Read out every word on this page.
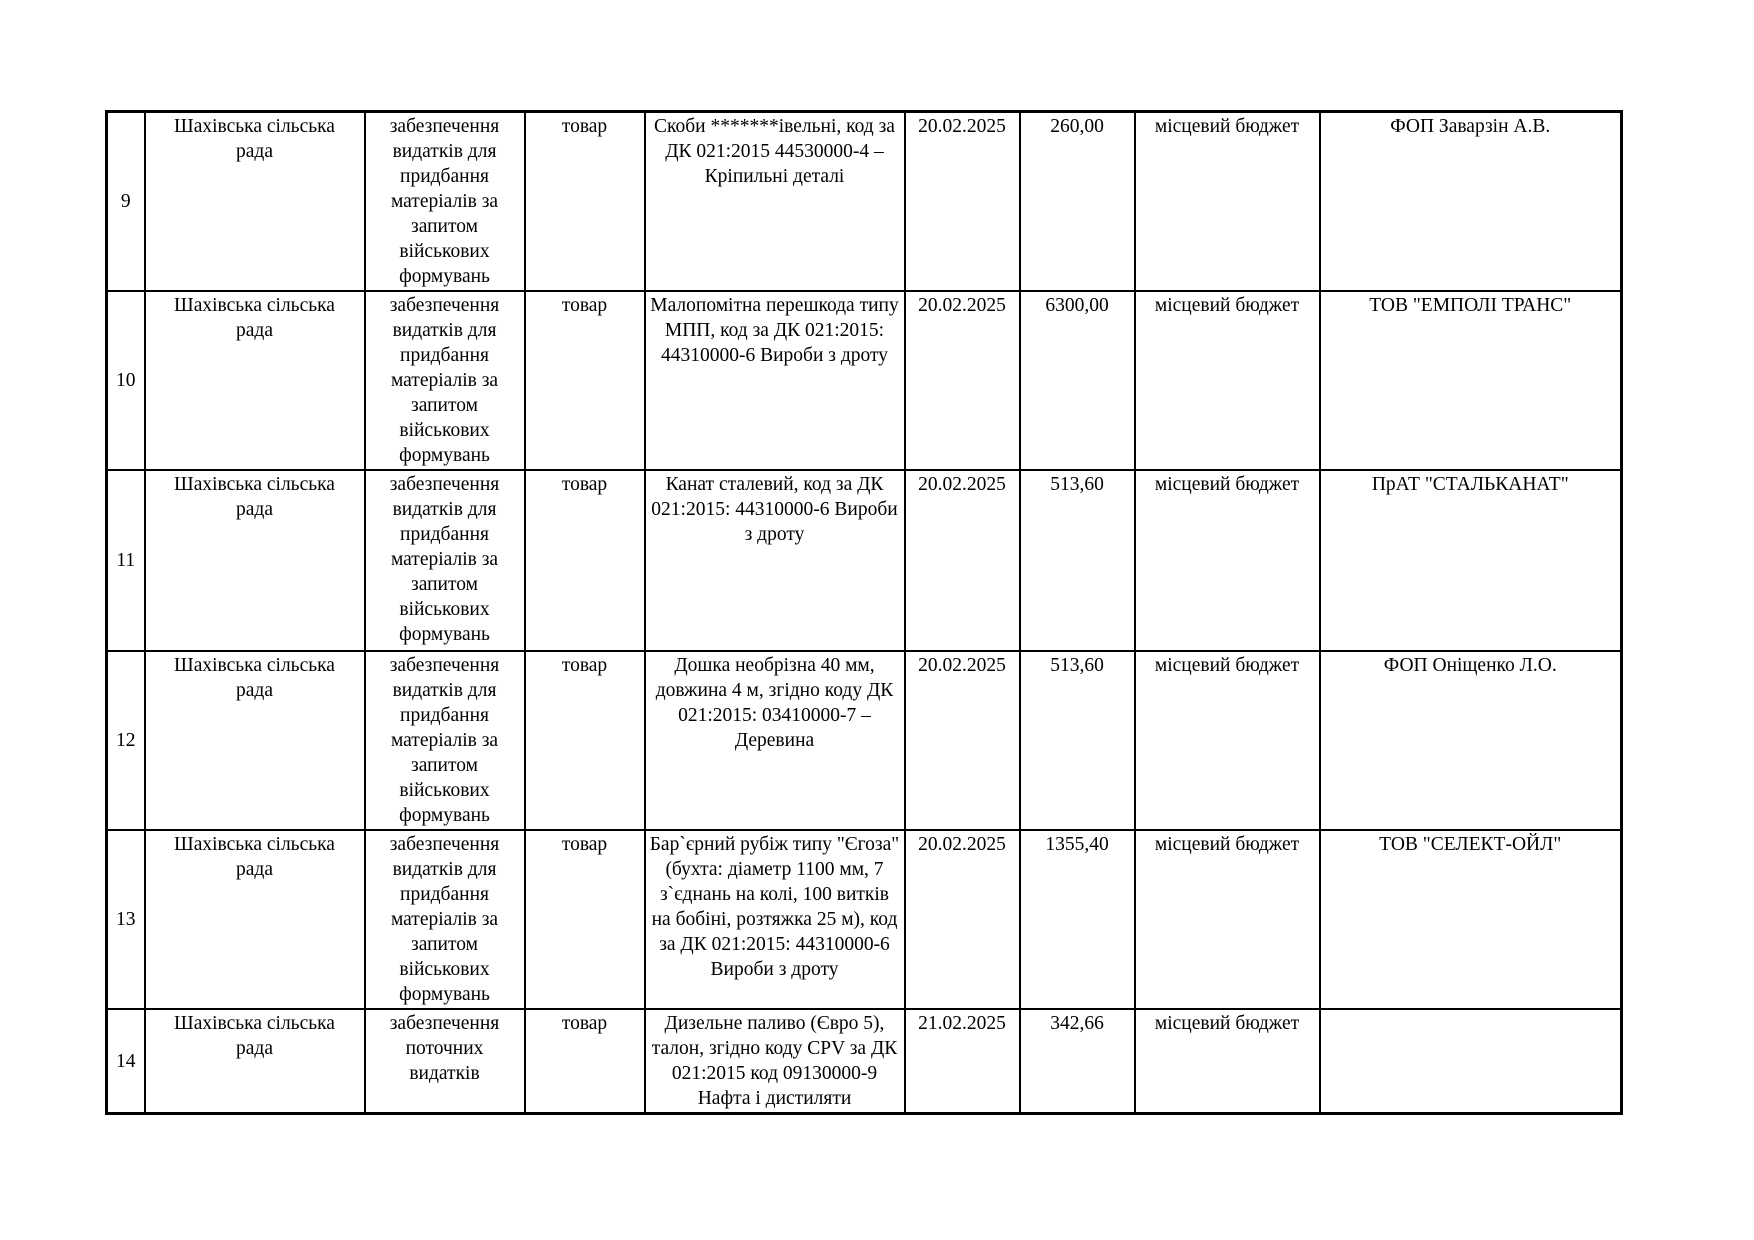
9	Шахівська сільська рада	забезпечення видатків для придбання матеріалів за запитом військових формувань	товар	Скоби *******івельні, код за ДК 021:2015 44530000-4 – Кріпильні деталі	20.02.2025	260,00	місцевий бюджет	ФОП Заварзін А.В.
10	Шахівська сільська рада	забезпечення видатків для придбання матеріалів за запитом військових формувань	товар	Малопомітна перешкода типу МПП, код за ДК 021:2015: 44310000-6 Вироби з дроту	20.02.2025	6300,00	місцевий бюджет	ТОВ "ЕМПОЛІ ТРАНС"
11	Шахівська сільська рада	забезпечення видатків для придбання матеріалів за запитом військових формувань	товар	Канат сталевий, код за ДК 021:2015: 44310000-6 Вироби з дроту	20.02.2025	513,60	місцевий бюджет	ПрАТ "СТАЛЬКАНАТ"
12	Шахівська сільська рада	забезпечення видатків для придбання матеріалів за запитом військових формувань	товар	Дошка необрізна 40 мм, довжина 4 м, згідно коду ДК 021:2015: 03410000-7 – Деревина	20.02.2025	513,60	місцевий бюджет	ФОП Оніщенко Л.О.
13	Шахівська сільська рада	забезпечення видатків для придбання матеріалів за запитом військових формувань	товар	Бар`єрний рубіж типу "Єгоза" (бухта: діаметр 1100 мм, 7 з`єднань на колі, 100 витків на бобіні, розтяжка 25 м), код за ДК 021:2015: 44310000-6 Вироби з дроту	20.02.2025	1355,40	місцевий бюджет	ТОВ "СЕЛЕКТ-ОЙЛ"
14	Шахівська сільська рада	забезпечення поточних видатків	товар	Дизельне паливо (Євро 5), талон, згідно коду CPV за ДК 021:2015 код 09130000-9 Нафта і дистиляти	21.02.2025	342,66	місцевий бюджет	
